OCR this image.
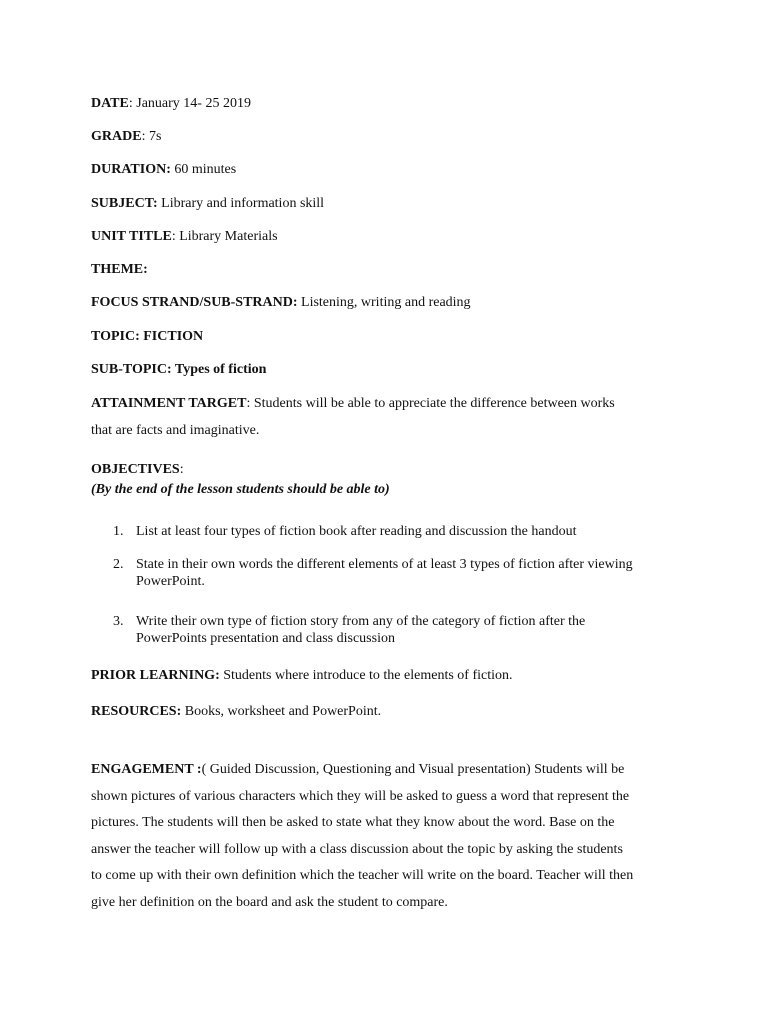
DATE: January 14- 25 2019
GRADE: 7s
DURATION: 60 minutes
SUBJECT: Library and information skill
UNIT TITLE: Library Materials
THEME:
FOCUS STRAND/SUB-STRAND: Listening, writing and reading
TOPIC: FICTION
SUB-TOPIC: Types of fiction
ATTAINMENT TARGET: Students will be able to appreciate the difference between works
that are facts and imaginative.
OBJECTIVES:
(By the end of the lesson students should be able to)
1. List at least four types of fiction book after reading and discussion the handout
2. State in their own words the different elements of at least 3 types of fiction after viewing
PowerPoint.
3. Write their own type of fiction story from any of the category of fiction after the
PowerPoints presentation and class discussion
PRIOR LEARNING: Students where introduce to the elements of fiction.
RESOURCES: Books, worksheet and PowerPoint.
ENGAGEMENT :( Guided Discussion, Questioning and Visual presentation) Students will be
shown pictures of various characters which they will be asked to guess a word that represent the
pictures. The students will then be asked to state what they know about the word. Base on the
answer the teacher will follow up with a class discussion about the topic by asking the students
to come up with their own definition which the teacher will write on the board. Teacher will then
give her definition on the board and ask the student to compare.
